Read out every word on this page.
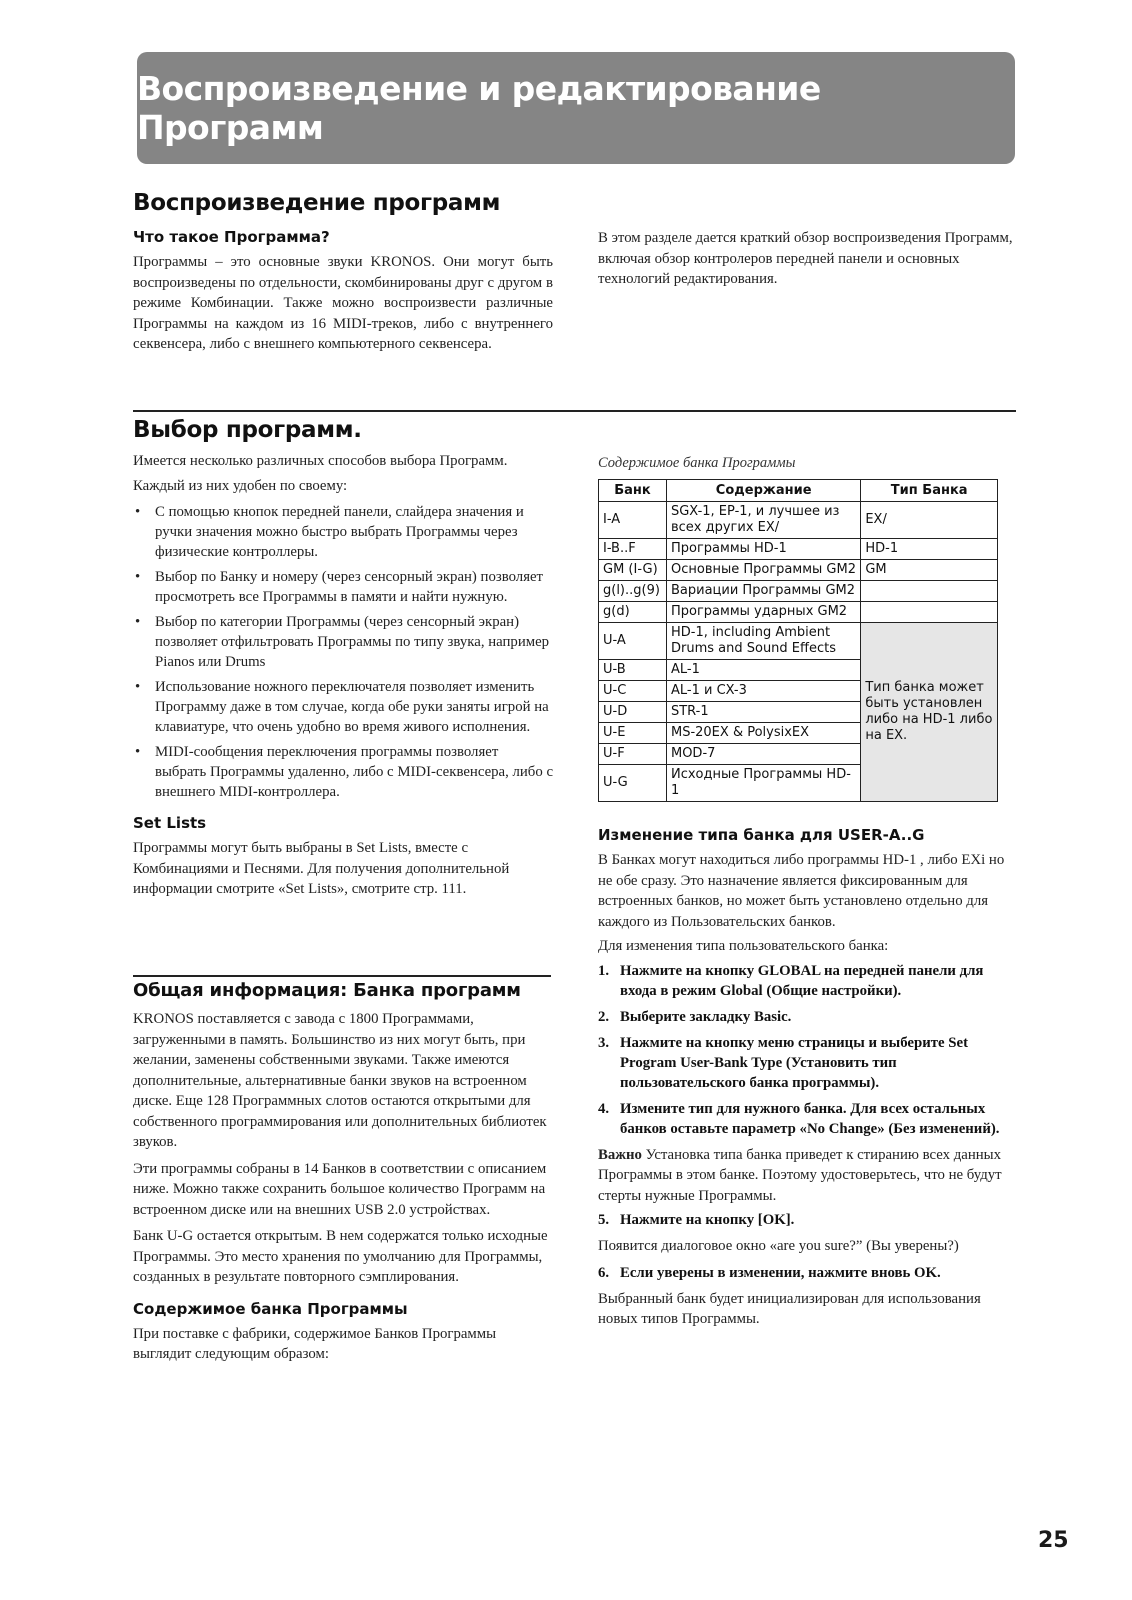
Воспроизведение и редактирование Программ
Воспроизведение программ
Что такое Программа?

Программы – это основные звуки KRONOS. Они могут быть воспроизведены по отдельности, скомбинированы друг с другом в режиме Комбинации. Также можно воспроизвести различные Программы на каждом из 16 MIDI-треков, либо с внутреннего секвенсера, либо с внешнего компьютерного секвенсера.

В этом разделе дается краткий обзор воспроизведения Программ, включая обзор контролеров передней панели и основных технологий редактирования.

Выбор программ.

Имеется несколько различных способов выбора Программ.

Каждый из них удобен по своему:

• С помощью кнопок передней панели, слайдера значения и ручки значения можно быстро выбрать Программы через физические контроллеры.
• Выбор по Банку и номеру (через сенсорный экран) позволяет просмотреть все Программы в памяти и найти нужную.
• Выбор по категории Программы (через сенсорный экран) позволяет отфильтровать Программы по типу звука, например Pianos или Drums
• Использование ножного переключателя позволяет изменить Программу даже в том случае, когда обе руки заняты игрой на клавиатуре, что очень удобно во время живого исполнения.
• MIDI-сообщения переключения программы позволяет выбрать Программы удаленно, либо с MIDI-секвенсера, либо с внешнего MIDI-контроллера.
Set Lists

Программы могут быть выбраны в Set Lists, вместе с Комбинациями и Песнями. Для получения дополнительной информации смотрите «Set Lists», смотрите стр. 111.

Общая информация: Банка программ

KRONOS поставляется с завода с 1800 Программами, загруженными в память. Большинство из них могут быть, при желании, заменены собственными звуками. Также имеются дополнительные, альтернативные банки звуков на встроенном диске. Еще 128 Программных слотов остаются открытыми для собственного программирования или дополнительных библиотек звуков.

Эти программы собраны в 14 Банков в соответствии с описанием ниже. Можно также сохранить большое количество Программ на встроенном диске или на внешних USB 2.0 устройствах.

Банк U-G остается открытым. В нем содержатся только исходные Программы. Это место хранения по умолчанию для Программы, созданных в результате повторного сэмплирования.

Содержимое банка Программы

При поставке с фабрики, содержимое Банков Программы выглядит следующим образом:

Содержимое банка Программы
Банк	Содержание	Тип Банка
I-A	SGX-1, EP-1, и лучшее из всех других EX/	EX/
I-B..F	Программы HD-1	HD-1
GM (I-G)	Основные Программы GM2	GM
g(l)..g(9)	Вариации Программы GM2	
g(d)	Программы ударных GM2	
U-A	HD-1, including Ambient Drums and Sound Effects	Тип банка может быть установлен либо на HD-1 либо на EX.
U-B	AL-1	
U-C	AL-1 и CX-3	
U-D	STR-1	
U-E	MS-20EX & PolysixEX	
U-F	MOD-7	
U-G	Исходные Программы HD-1	
Изменение типа банка для USER-A..G

В Банках могут находиться либо программы HD-1 , либо EXi но не обе сразу. Это назначение является фиксированным для встроенных банков, но может быть установлено отдельно для каждого из Пользовательских банков.

Для изменения типа пользовательского банка:

1. Нажмите на кнопку GLOBAL на передней панели для входа в режим Global (Общие настройки).
2. Выберите закладку Basic.
3. Нажмите на кнопку меню страницы и выберите Set Program User-Bank Type (Установить тип пользовательского банка программы).
4. Измените тип для нужного банка. Для всех остальных банков оставьте параметр «No Change» (Без изменений).

Важно Установка типа банка приведет к стиранию всех данных Программы в этом банке. Поэтому удостоверьтесь, что не будут стерты нужные Программы.

5. Нажмите на кнопку [OK].

Появится диалоговое окно «are you sure?” (Вы уверены?)

6. Если уверены в изменении, нажмите вновь OK.

Выбранный банк будет инициализирован для использования новых типов Программы.

25
